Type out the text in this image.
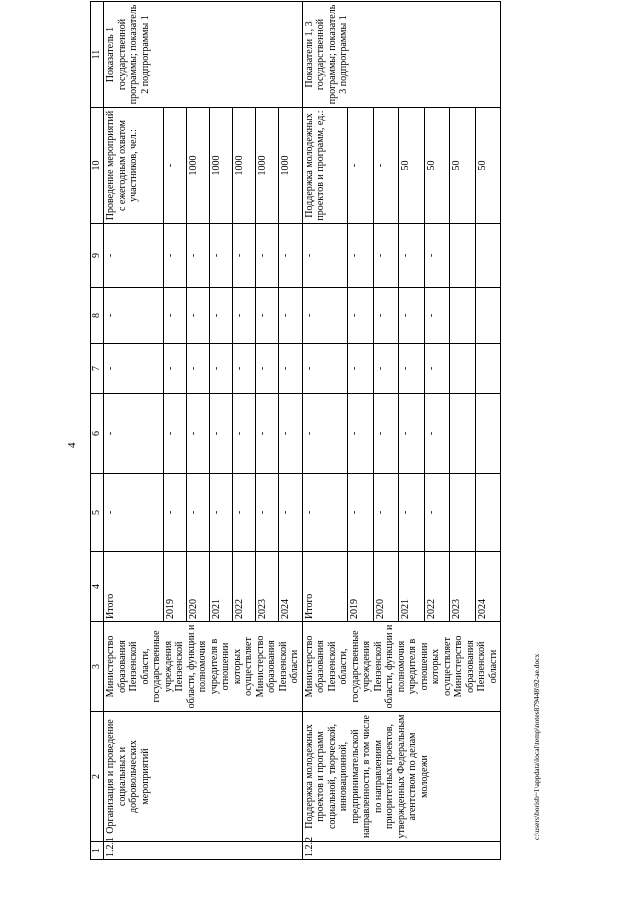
4
1	2	3	4	5	6	7	8	9	10	11
1.2.1	Организация и проведение социальных и добровольческих мероприятий	Министерство образования Пензенской области, государственные учреждения Пензенской области, функции и полномочия учредителя в отношении которых осуществляет Министерство образования Пензенской области	Итого	-	-	-	-	-	Проведение мероприятий с ежегодным охватом участников, чел.:	Показатель 1 государственной программы; показатель 2 подпрограммы 1
			2019	-	-	-	-	-	-	
			2020	-	-	-	-	-	1000	
			2021	-	-	-	-	-	1000	
			2022	-	-	-	-	-	1000	
			2023	-	-	-	-	-	1000	
			2024	-	-	-	-	-	1000	
1.2.2	Поддержка молодежных проектов и программ социальной, творческой, инновационной, предпринимательской направленности, в том числе по направлениям приоритетных проектов, утвержденных Федеральным агентством по делам молодежи	Министерство образования Пензенской области, государственные учреждения Пензенской области, функции и полномочия учредителя в отношении которых осуществляет Министерство образования Пензенской области	Итого	-	-	-	-	-	Поддержка молодежных проектов и программ, ед.:	Показатели 1, 3 государственной программы; показатель 3 подпрограммы 1
			2019	-	-	-	-	-	-	
			2020	-	-	-	-	-	-	
			2021	-	-	-	-	-	50	
			2022	-	-	-	-	-	50	
			2023						50	
			2024						50	
c:\users\borisb~1\appdata\local\temp\notes879448\92-ae.docx
